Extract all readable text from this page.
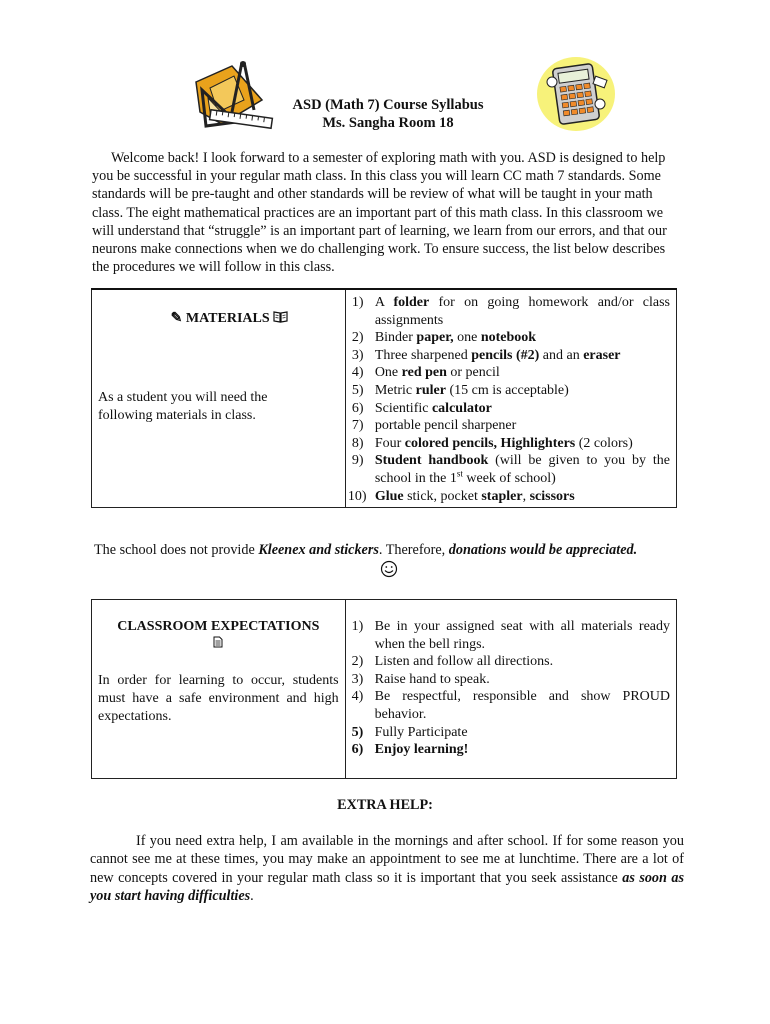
ASD (Math 7) Course Syllabus
Ms. Sangha Room 18
Welcome back! I look forward to a semester of exploring math with you. ASD is designed to help you be successful in your regular math class. In this class you will learn CC math 7 standards. Some standards will be pre-taught and other standards will be review of what will be taught in your math class. The eight mathematical practices are an important part of this math class. In this classroom we will understand that “struggle” is an important part of learning, we learn from our errors, and that our neurons make connections when we do challenging work. To ensure success, the list below describes the procedures we will follow in this class.
✎ MATERIALS
As a student you will need the following materials in class.

1) A folder for on going homework and/or class assignments
2) Binder paper, one notebook
3) Three sharpened pencils (#2) and an eraser
4) One red pen or pencil
5) Metric ruler (15 cm is acceptable)
6) Scientific calculator
7) portable pencil sharpener
8) Four colored pencils, Highlighters (2 colors)
9) Student handbook (will be given to you by the school in the 1st week of school)
10) Glue stick, pocket stapler, scissors
The school does not provide Kleenex and stickers. Therefore, donations would be appreciated.
CLASSROOM EXPECTATIONS
In order for learning to occur, students must have a safe environment and high expectations.

1) Be in your assigned seat with all materials ready when the bell rings.
2) Listen and follow all directions.
3) Raise hand to speak.
4) Be respectful, responsible and show PROUD behavior.
5) Fully Participate
6) Enjoy learning!
EXTRA HELP:
If you need extra help, I am available in the mornings and after school. If for some reason you cannot see me at these times, you may make an appointment to see me at lunchtime. There are a lot of new concepts covered in your regular math class so it is important that you seek assistance as soon as you start having difficulties.
